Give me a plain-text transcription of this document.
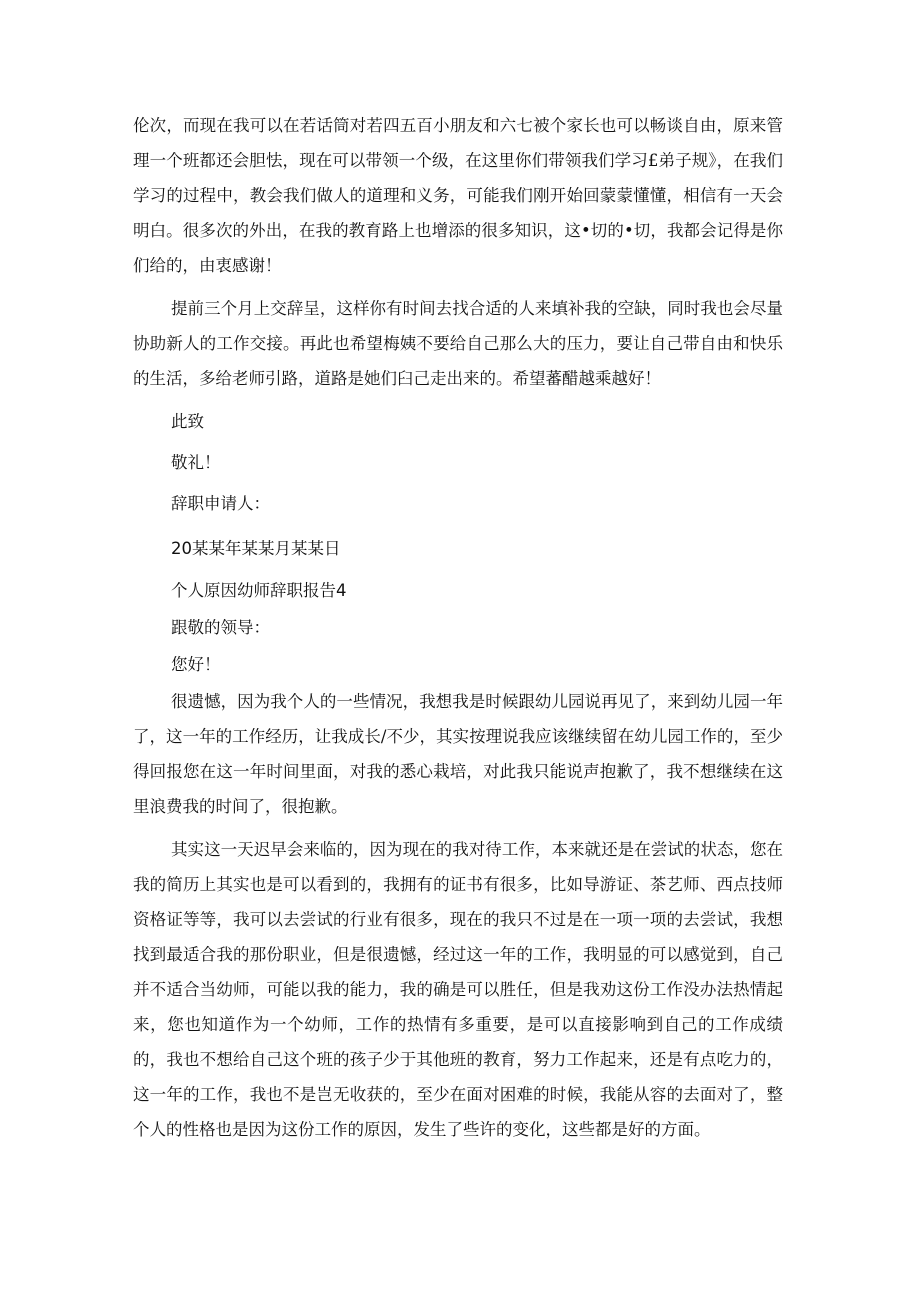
伦次，而现在我可以在若话筒对若四五百小朋友和六七被个家长也可以畅谈自由，原来管理一个班都还会胆怯，现在可以带领一个级，在这里你们带领我们学习£弟子规》，在我们学习的过程中，教会我们做人的道理和义务，可能我们刚开始回蒙蒙懂懂，相信有一天会明白。很多次的外出，在我的教育路上也增添的很多知识，这•切的•切，我都会记得是你们给的，由衷感谢！

提前三个月上交辞呈，这样你有时间去找合适的人来填补我的空缺，同时我也会尽量协助新人的工作交接。再此也希望梅姨不要给自己那么大的压力，要让自己带自由和快乐的生活，多给老师引路，道路是她们臼己走出来的。希望蕃醋越乘越好！

此致

敬礼！

辞职申请人：

20某某年某某月某某日

个人原因幼师辞职报告4

跟敬的领导：

您好！

很遗憾，因为我个人的一些情况，我想我是时候跟幼儿园说再见了，来到幼儿园一年了，这一年的工作经历，让我成长/不少，其实按理说我应该继续留在幼儿园工作的，至少得回报您在这一年时间里面，对我的悉心栽培，对此我只能说声抱歉了，我不想继续在这里浪费我的时间了，很抱歉。

其实这一天迟早会来临的，因为现在的我对待工作，本来就还是在尝试的状态，您在我的简历上其实也是可以看到的，我拥有的证书有很多，比如导游证、茶艺师、西点技师资格证等等，我可以去尝试的行业有很多，现在的我只不过是在一项一项的去尝试，我想找到最适合我的那份职业，但是很遗憾，经过这一年的工作，我明显的可以感觉到，自己并不适合当幼师，可能以我的能力，我的确是可以胜任，但是我劝这份工作没办法热情起来，您也知道作为一个幼师，工作的热情有多重要，是可以直接影响到自己的工作成绩的，我也不想给自己这个班的孩子少于其他班的教育，努力工作起来，还是有点吃力的，这一年的工作，我也不是岂无收获的，至少在面对困难的时候，我能从容的去面对了，整个人的性格也是因为这份工作的原因，发生了些许的变化，这些都是好的方面。
